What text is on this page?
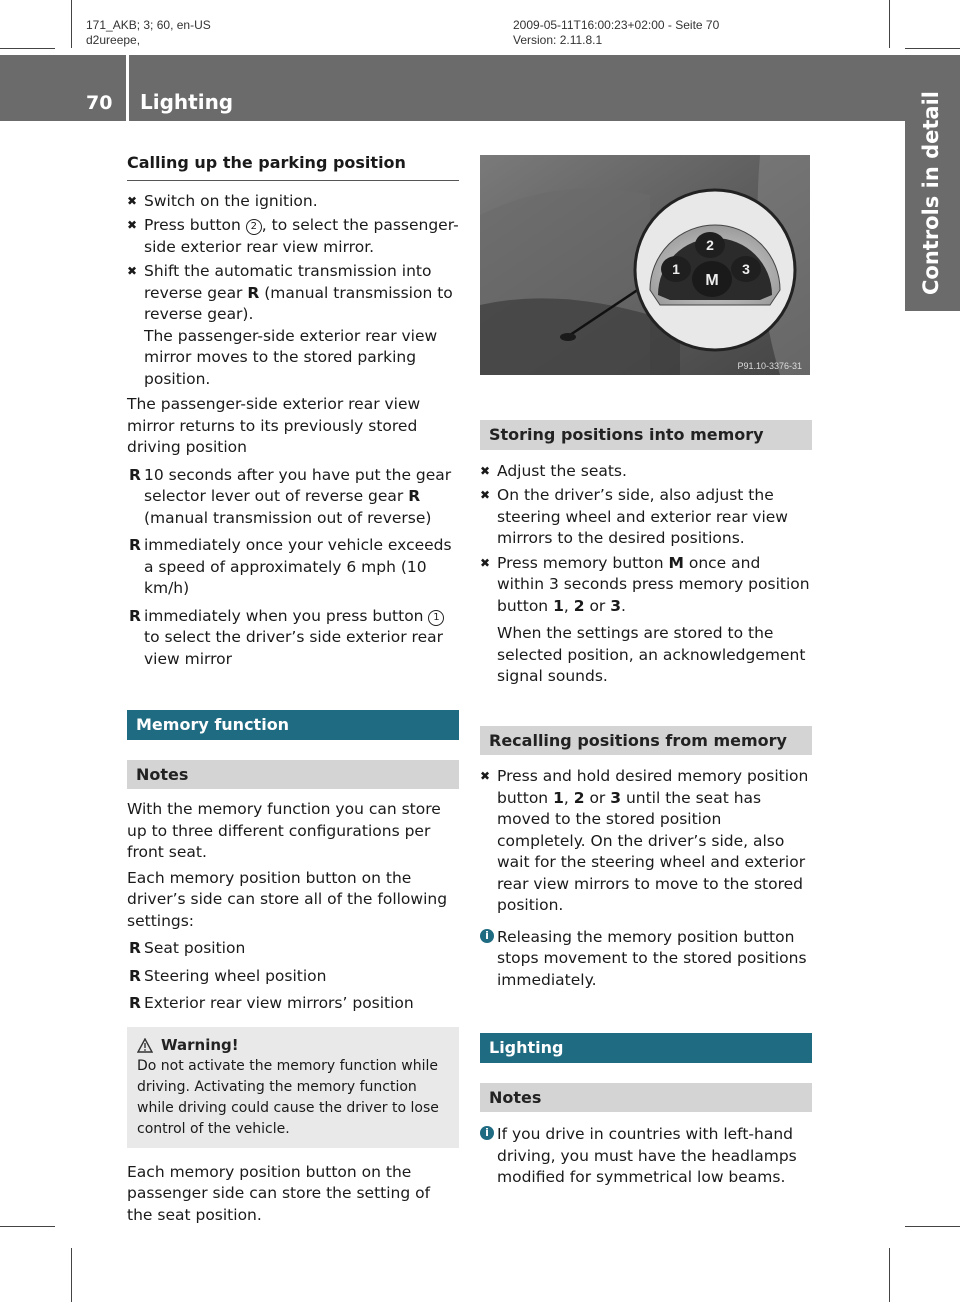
171_AKB; 3; 60, en-US
d2ureepe,
2009-05-11T16:00:23+02:00 - Seite 70
Version: 2.11.8.1
70 Lighting	Controls in detail
Calling up the parking position
✖ Switch on the ignition.
✖ Press button 2 , to select the passenger-side exterior rear view mirror.
✖ Shift the automatic transmission into reverse gear R (manual transmission to reverse gear).
The passenger-side exterior rear view mirror moves to the stored parking position.

The passenger-side exterior rear view mirror returns to its previously stored driving position

R 10 seconds after you have put the gear selector lever out of reverse gear R (manual transmission out of reverse)
R immediately once your vehicle exceeds a speed of approximately 6 mph (10 km/h)
R immediately when you press button 1 to select the driver’s side exterior rear view mirror
Memory function
Notes

With the memory function you can store up to three different configurations per front seat.

Each memory position button on the driver’s side can store all of the following settings:

R Seat position
R Steering wheel position
R Exterior rear view mirrors’ position
Warning!
Do not activate the memory function while driving. Activating the memory function while driving could cause the driver to lose control of the vehicle.

Each memory position button on the passenger side can store the setting of the seat position.

1
2
3
M
P91.10-3376-31
Storing positions into memory
✖ Adjust the seats.
✖ On the driver’s side, also adjust the steering wheel and exterior rear view mirrors to the desired positions.
✖ Press memory button M once and within 3 seconds press memory position button 1, 2 or 3.

When the settings are stored to the selected position, an acknowledgement signal sounds.

Recalling positions from memory
✖ Press and hold desired memory position button 1, 2 or 3 until the seat has moved to the stored position completely. On the driver’s side, also wait for the steering wheel and exterior rear view mirrors to move to the stored position.
i Releasing the memory position button stops movement to the stored positions immediately.
Lighting
Notes
i If you drive in countries with left-hand driving, you must have the headlamps modified for symmetrical low beams.
